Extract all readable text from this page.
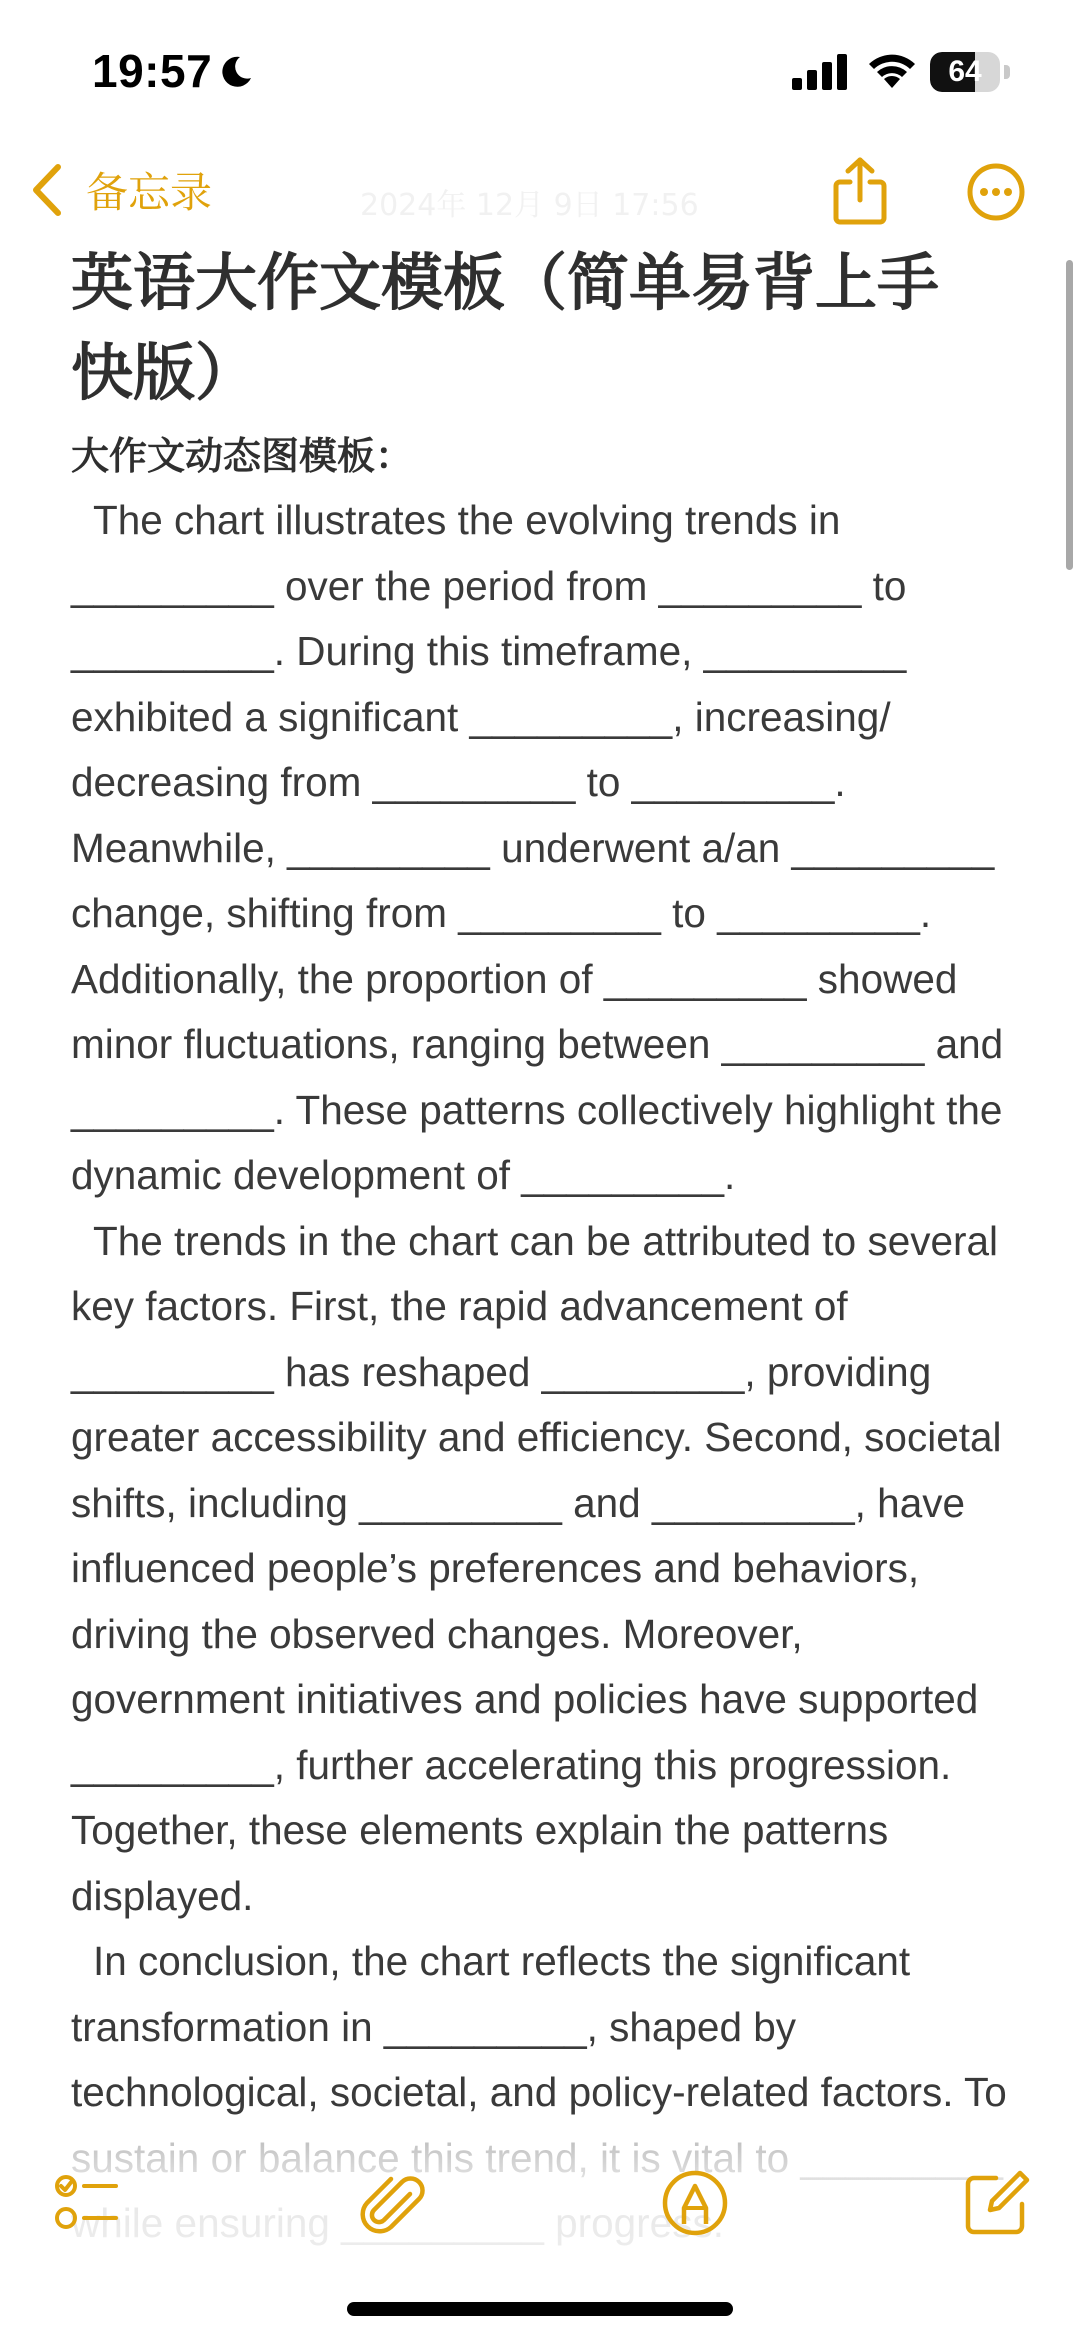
19:57	64
备忘录	2024年 12月 9日 17:56
英语大作文模板（简单易背上手快版）
大作文动态图模板：
The chart illustrates the evolving trends in _________ over the period from _________ to _________. During this timeframe, _________ exhibited a significant _________, increasing/ decreasing from _________ to _________. Meanwhile, _________ underwent a/an _________ change, shifting from _________ to _________. Additionally, the proportion of _________ showed minor fluctuations, ranging between _________ and _________. These patterns collectively highlight the dynamic development of _________.
The trends in the chart can be attributed to several key factors. First, the rapid advancement of _________ has reshaped _________, providing greater accessibility and efficiency. Second, societal shifts, including _________ and _________, have influenced people’s preferences and behaviors, driving the observed changes. Moreover, government initiatives and policies have supported _________, further accelerating this progression. Together, these elements explain the patterns displayed.
In conclusion, the chart reflects the significant transformation in _________, shaped by technological, societal, and policy-related factors. To
